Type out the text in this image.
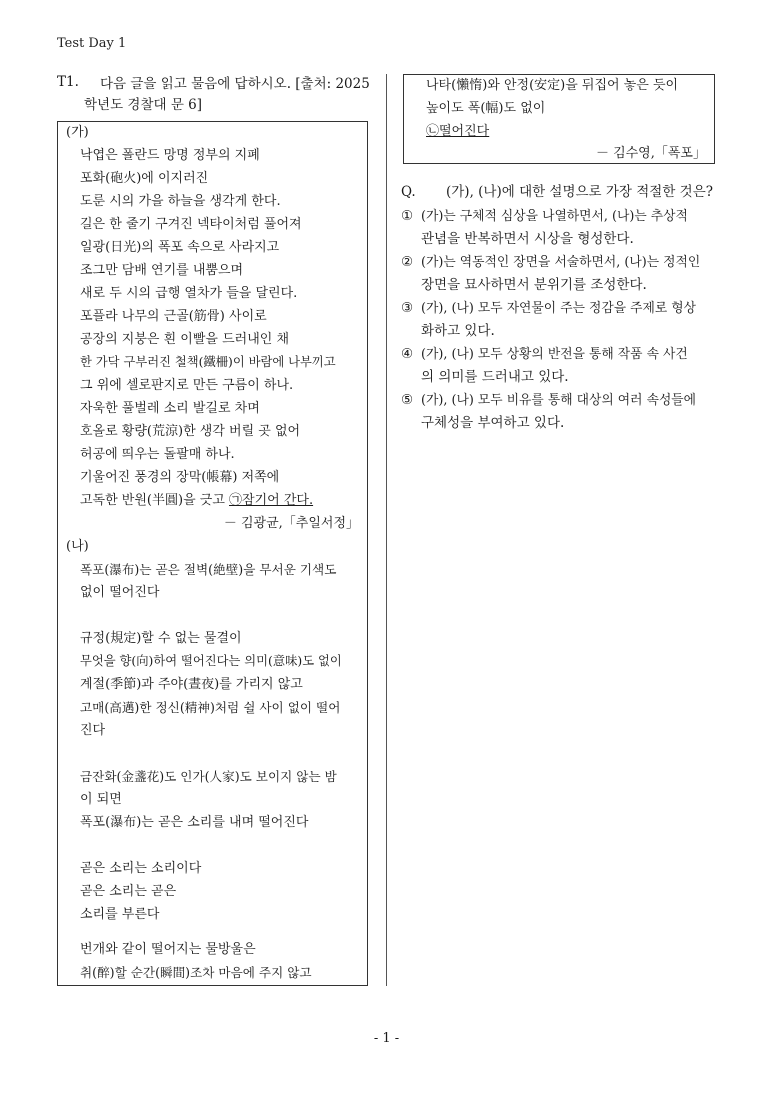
Test Day 1
T1. 다음 글을 읽고 물음에 답하시오. [출처: 2025
학년도 경찰대 문 6]
(가)
낙엽은 폴란드 망명 정부의 지폐
포화(砲火)에 이지러진
도룬 시의 가을 하늘을 생각게 한다.
길은 한 줄기 구겨진 넥타이처럼 풀어져
일광(日光)의 폭포 속으로 사라지고
조그만 담배 연기를 내뿜으며
새로 두 시의 급행 열차가 들을 달린다.
포플라 나무의 근골(筋骨) 사이로
공장의 지붕은 흰 이빨을 드러내인 채
한 가닥 구부러진 철책(鐵柵)이 바람에 나부끼고
그 위에 셀로판지로 만든 구름이 하나.
자욱한 풀벌레 소리 발길로 차며
호올로 황량(荒涼)한 생각 버릴 곳 없어
허공에 띄우는 돌팔매 하나.
기울어진 풍경의 장막(帳幕) 저쪽에
고독한 반원(半圓)을 긋고 ㉠잠기어 간다.
－ 김광균,「추일서정」
(나)
폭포(瀑布)는 곧은 절벽(絶壁)을 무서운 기색도
없이 떨어진다
규정(規定)할 수 없는 물결이
무엇을 향(向)하여 떨어진다는 의미(意味)도 없이
계절(季節)과 주야(晝夜)를 가리지 않고
고매(高邁)한 정신(精神)처럼 쉴 사이 없이 떨어
진다
금잔화(金盞花)도 인가(人家)도 보이지 않는 밤
이 되면
폭포(瀑布)는 곧은 소리를 내며 떨어진다
곧은 소리는 소리이다
곧은 소리는 곧은
소리를 부른다
번개와 같이 떨어지는 물방울은
취(醉)할 순간(瞬間)조차 마음에 주지 않고
나타(懶惰)와 안정(安定)을 뒤집어 놓은 듯이
높이도 폭(幅)도 없이
㉡떨어진다
－ 김수영,「폭포」
Q. (가), (나)에 대한 설명으로 가장 적절한 것은?
① (가)는 구체적 심상을 나열하면서, (나)는 추상적
관념을 반복하면서 시상을 형성한다.
② (가)는 역동적인 장면을 서술하면서, (나)는 정적인
장면을 묘사하면서 분위기를 조성한다.
③ (가), (나) 모두 자연물이 주는 정감을 주제로 형상
화하고 있다.
④ (가), (나) 모두 상황의 반전을 통해 작품 속 사건
의 의미를 드러내고 있다.
⑤ (가), (나) 모두 비유를 통해 대상의 여러 속성들에
구체성을 부여하고 있다.
- 1 -
